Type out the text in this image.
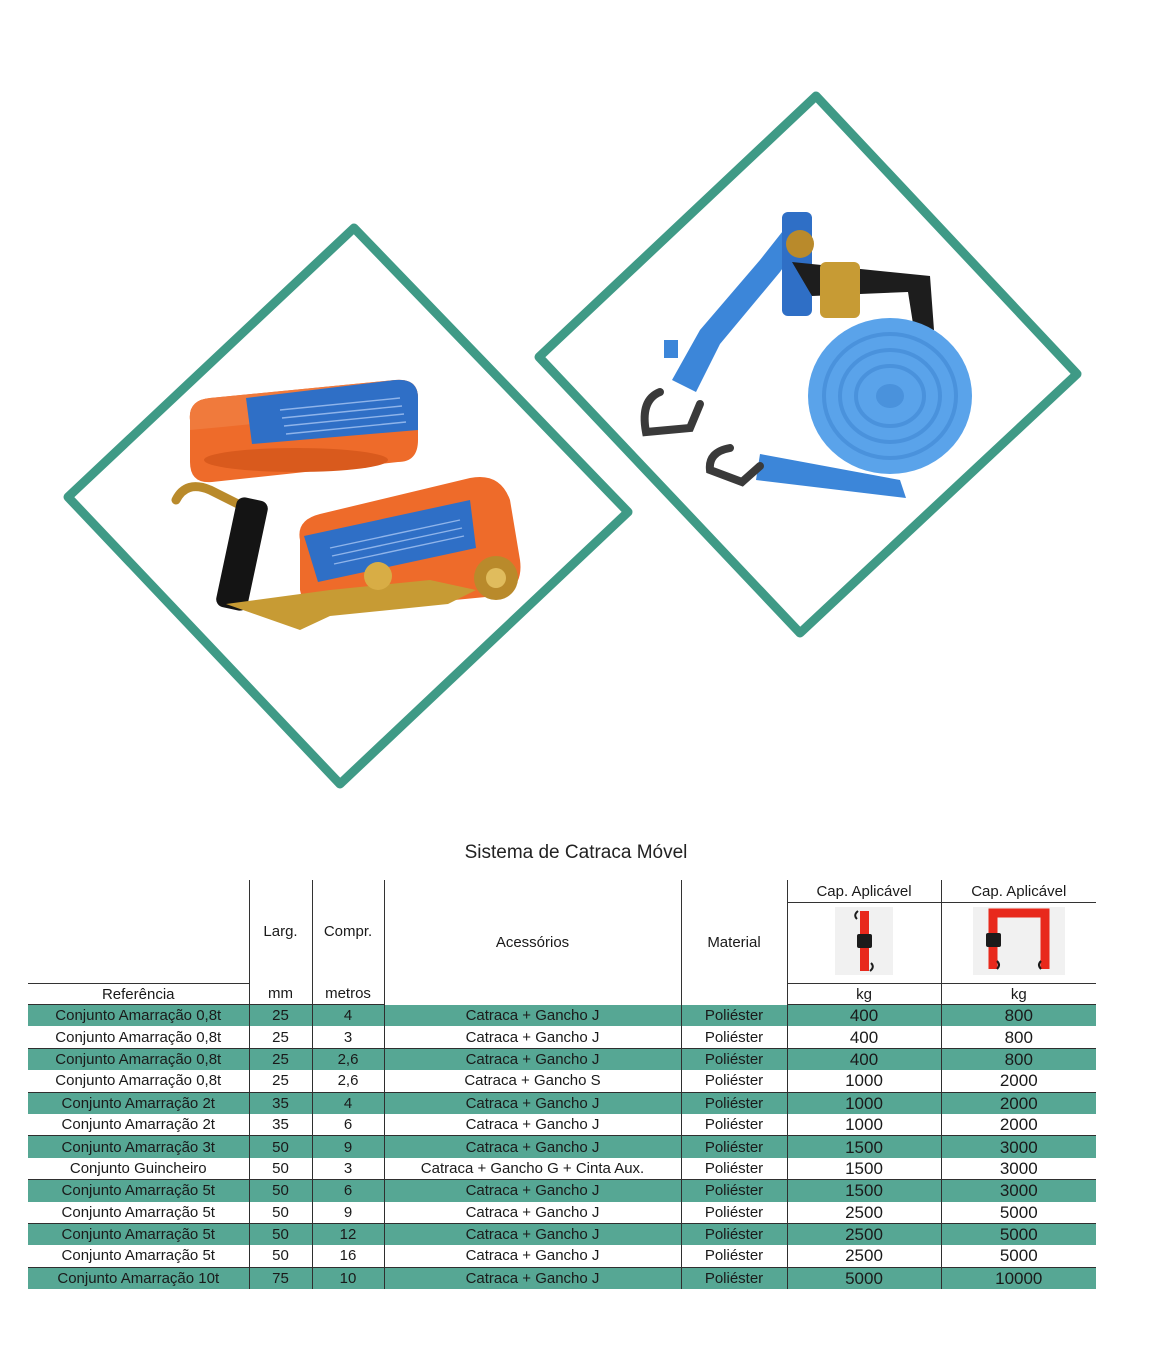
Sistema de Catraca Móvel
	Larg.	Compr.	Acessórios	Material	Cap. Aplicável	Cap. Aplicável

Referência	mm	metros			kg	kg
Conjunto Amarração 0,8t	25	4	Catraca + Gancho J	Poliéster	400	800
Conjunto Amarração 0,8t	25	3	Catraca + Gancho J	Poliéster	400	800
Conjunto Amarração 0,8t	25	2,6	Catraca + Gancho J	Poliéster	400	800
Conjunto Amarração 0,8t	25	2,6	Catraca + Gancho S	Poliéster	1000	2000
Conjunto Amarração 2t	35	4	Catraca + Gancho J	Poliéster	1000	2000
Conjunto Amarração 2t	35	6	Catraca + Gancho J	Poliéster	1000	2000
Conjunto Amarração 3t	50	9	Catraca + Gancho J	Poliéster	1500	3000
Conjunto Guincheiro	50	3	Catraca + Gancho G + Cinta Aux.	Poliéster	1500	3000
Conjunto Amarração 5t	50	6	Catraca + Gancho J	Poliéster	1500	3000
Conjunto Amarração 5t	50	9	Catraca + Gancho J	Poliéster	2500	5000
Conjunto Amarração 5t	50	12	Catraca + Gancho J	Poliéster	2500	5000
Conjunto Amarração 5t	50	16	Catraca + Gancho J	Poliéster	2500	5000
Conjunto Amarração 10t	75	10	Catraca + Gancho J	Poliéster	5000	10000
